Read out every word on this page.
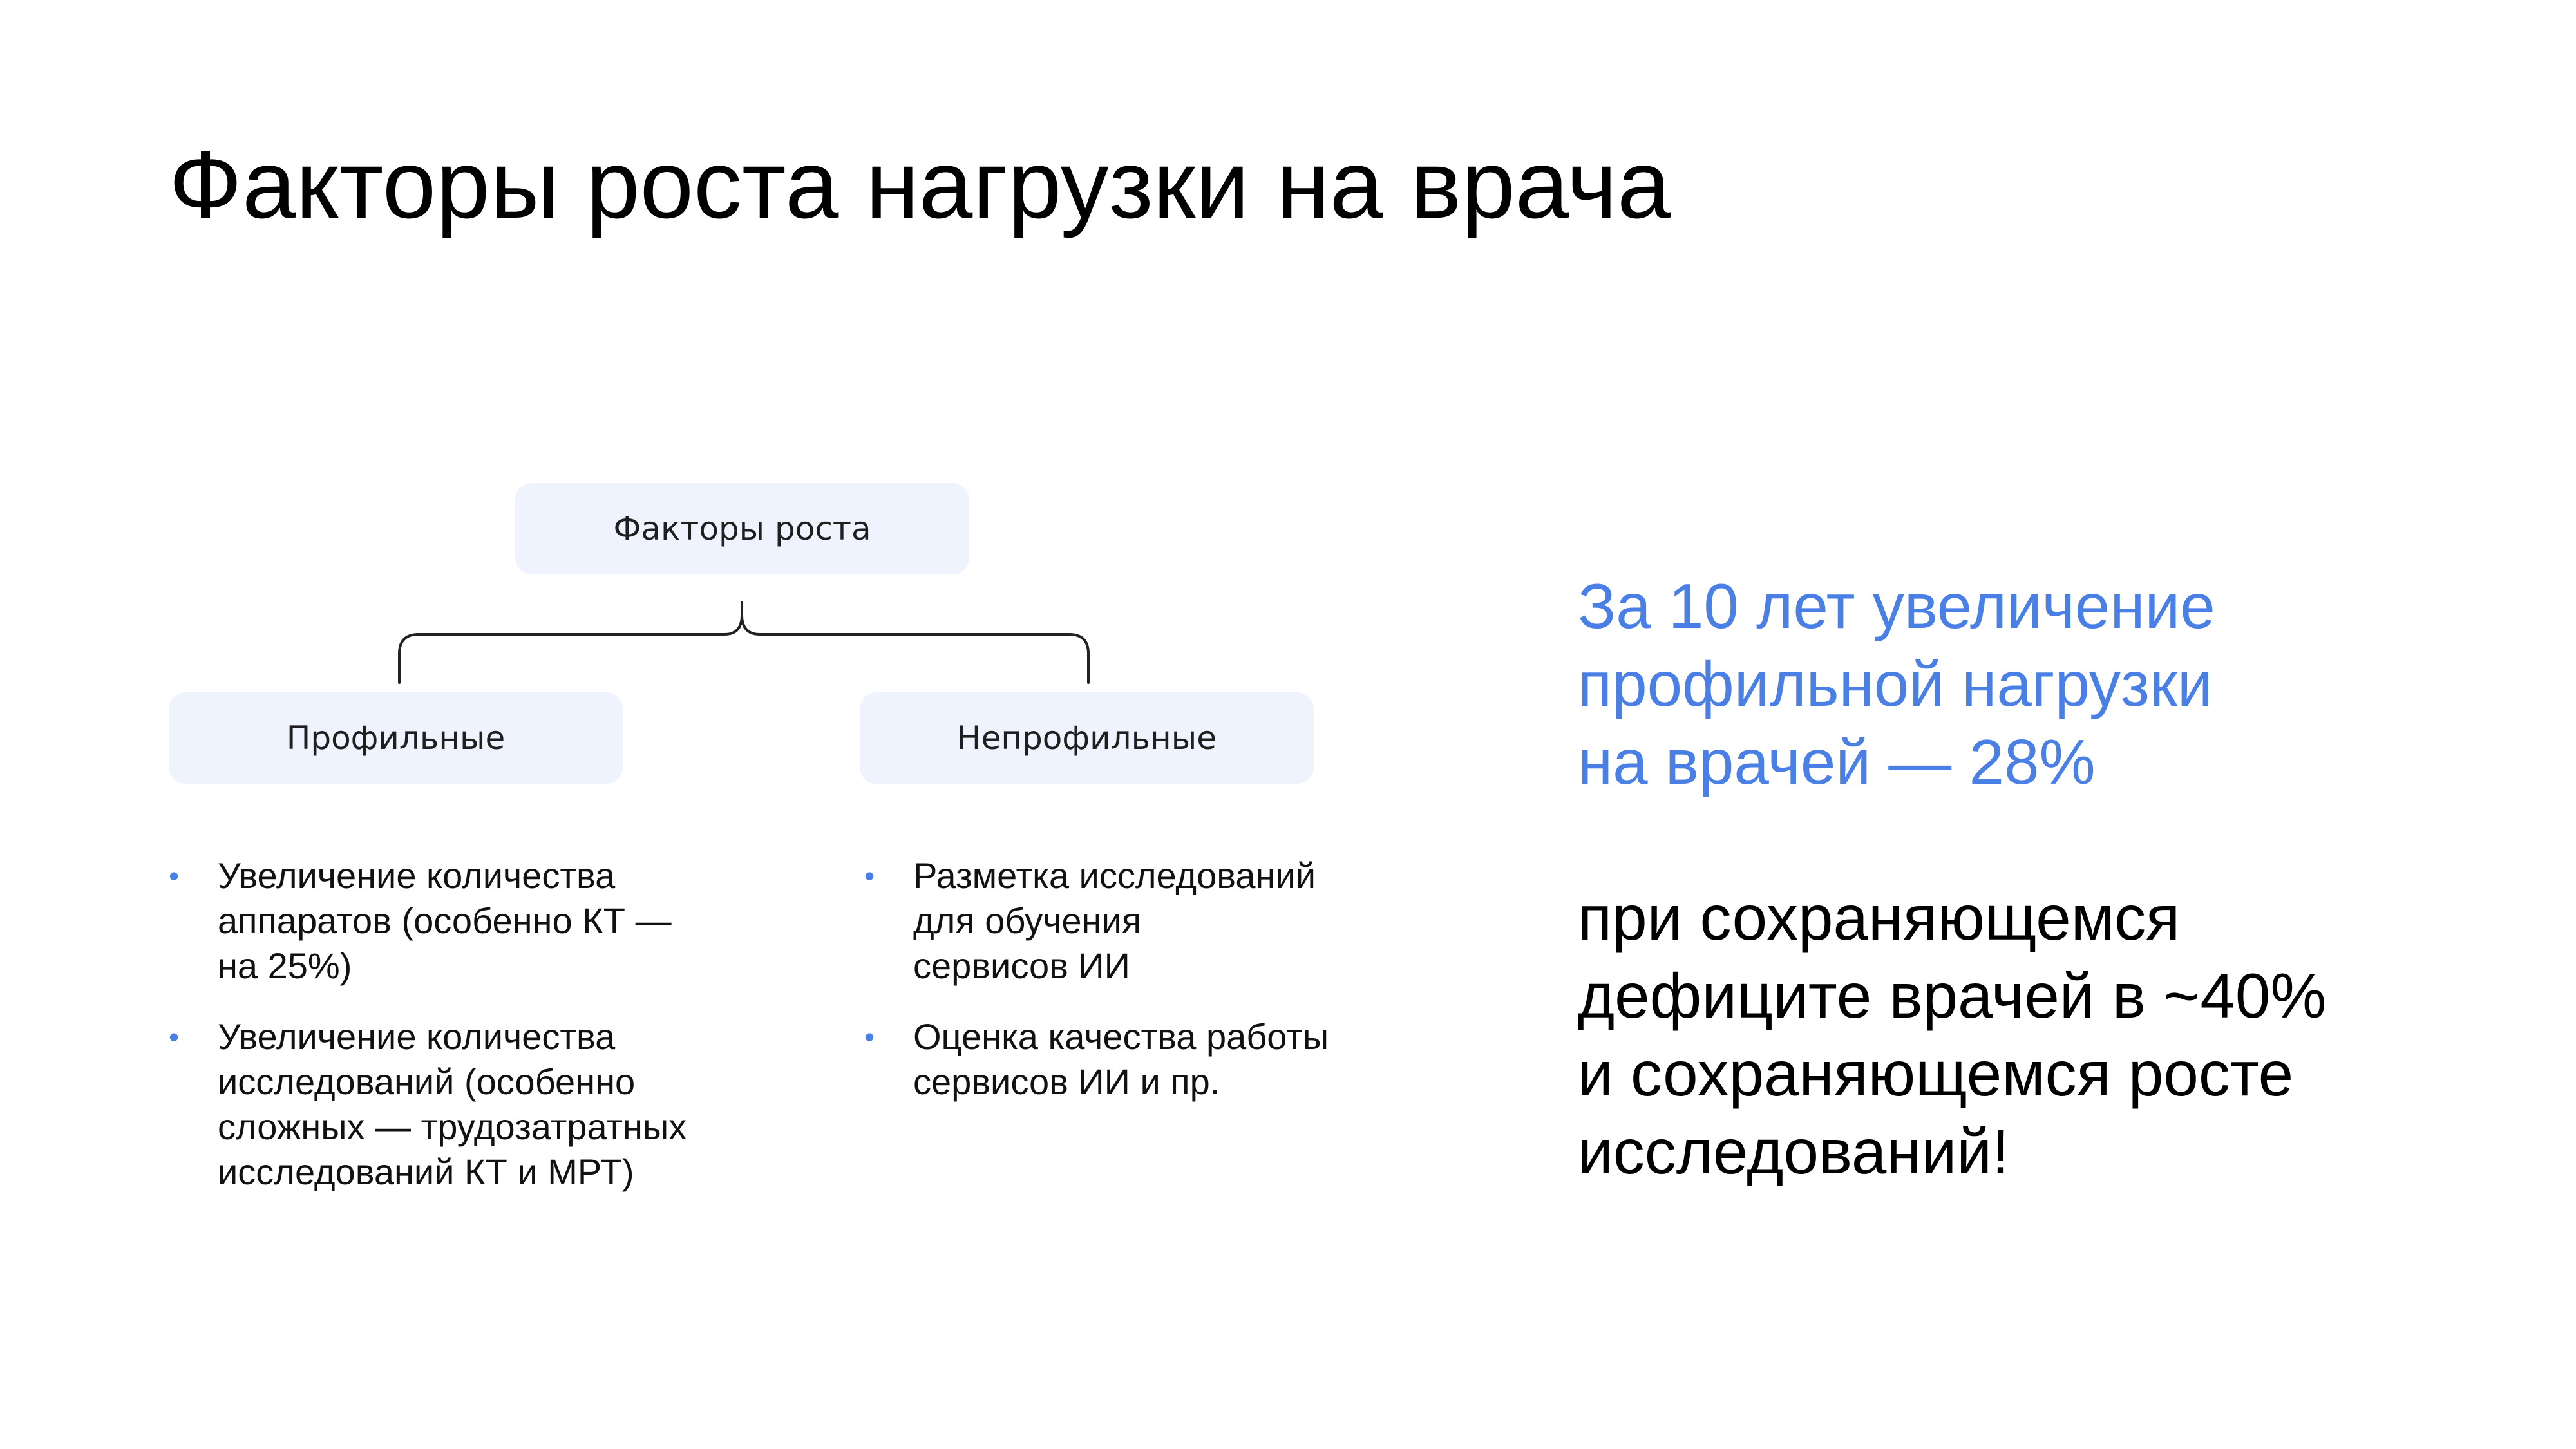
Факторы роста нагрузки на врача
Факторы роста
Профильные	Непрофильные
• Увеличение количества
аппаратов (особенно КТ —
на 25%)
• Увеличение количества
исследований (особенно
сложных — трудозатратных
исследований КТ и МРТ)
• Разметка исследований
для обучения
сервисов ИИ
• Оценка качества работы
сервисов ИИ и пр.

За 10 лет увеличение
профильной нагрузки
на врачей — 28%

при сохраняющемся
дефиците врачей в ~40%
и сохраняющемся росте
исследований!
